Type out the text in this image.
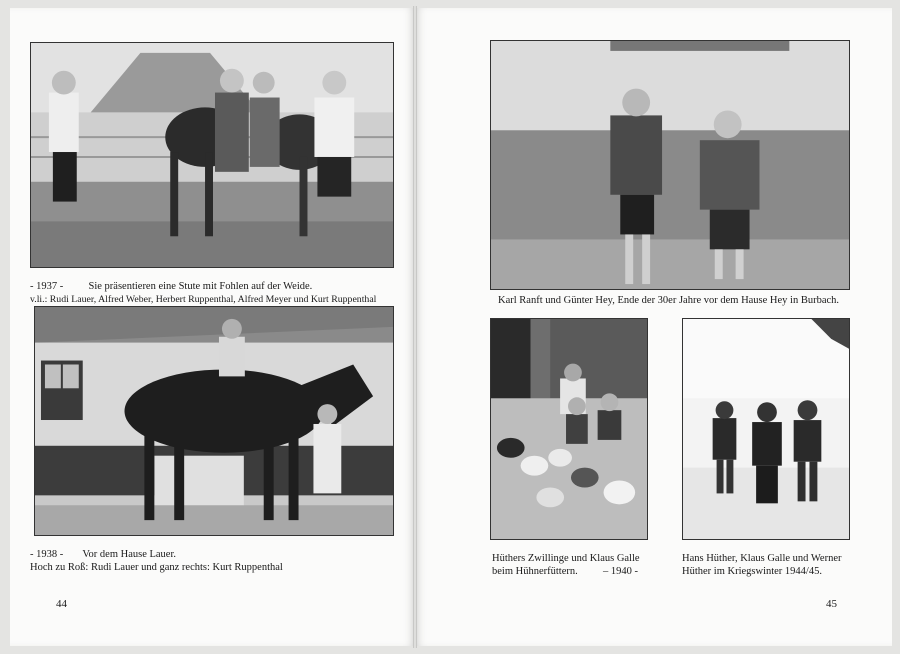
- 1937 - Sie präsentieren eine Stute mit Fohlen auf der Weide.
v.li.: Rudi Lauer, Alfred Weber, Herbert Ruppenthal, Alfred Meyer und Kurt Ruppenthal
- 1938 - Vor dem Hause Lauer.
Hoch zu Roß: Rudi Lauer und ganz rechts: Kurt Ruppenthal
44
Karl Ranft und Günter Hey, Ende der 30er Jahre vor dem Hause Hey in Burbach.
Hüthers Zwillinge und Klaus Galle
beim Hühnerfüttern. – 1940 -
Hans Hüther, Klaus Galle und Werner
Hüther im Kriegswinter 1944/45.
45
